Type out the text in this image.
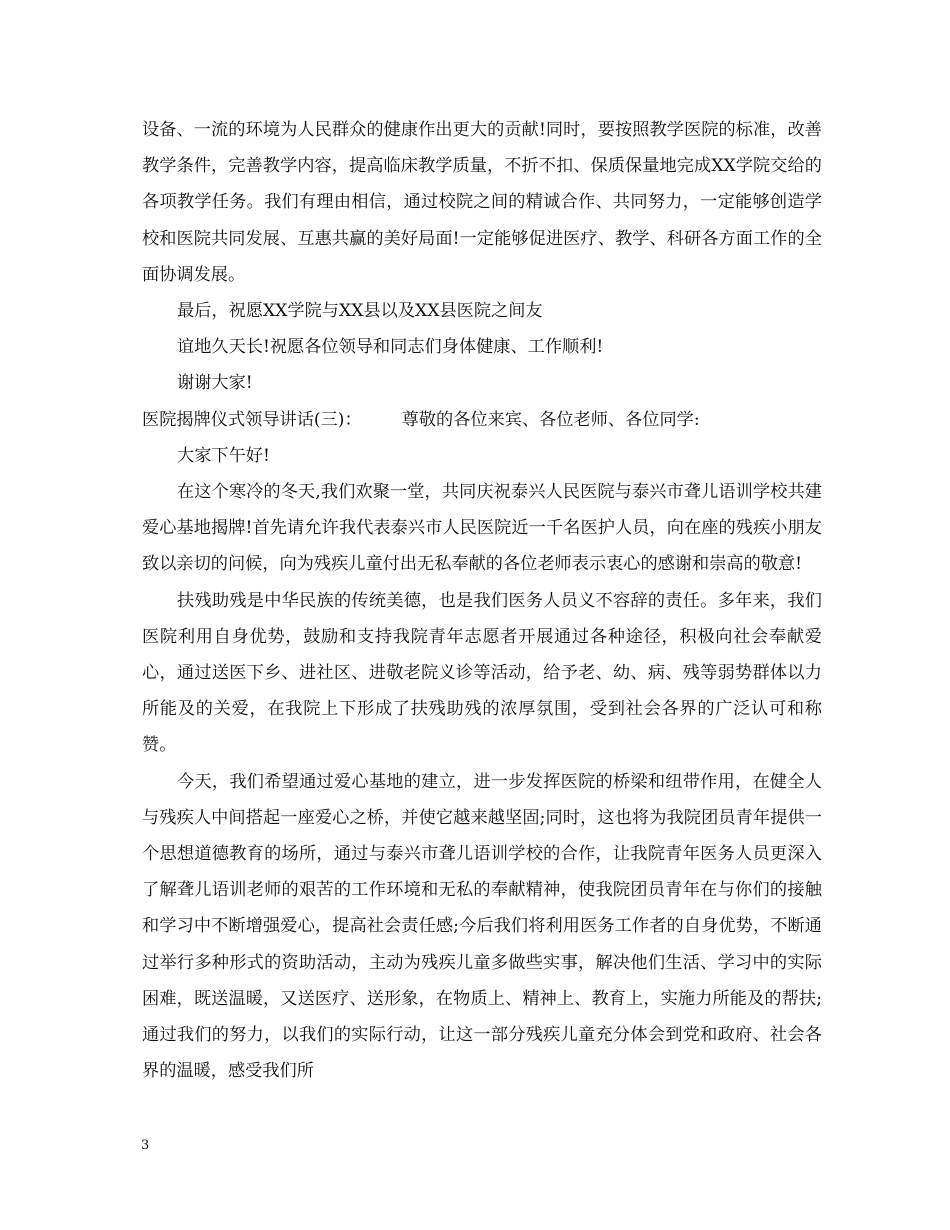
设备、一流的环境为人民群众的健康作出更大的贡献!同时，要按照教学医院的标准，改善教学条件，完善教学内容，提高临床教学质量，不折不扣、保质保量地完成XX学院交给的各项教学任务。我们有理由相信，通过校院之间的精诚合作、共同努力，一定能够创造学校和医院共同发展、互惠共赢的美好局面!一定能够促进医疗、教学、科研各方面工作的全面协调发展。

最后，祝愿XX学院与XX县以及XX县医院之间友

谊地久天长!祝愿各位领导和同志们身体健康、工作顺利!

谢谢大家!

医院揭牌仪式领导讲话(三)： 尊敬的各位来宾、各位老师、各位同学:

大家下午好!

在这个寒冷的冬天,我们欢聚一堂，共同庆祝泰兴人民医院与泰兴市聋儿语训学校共建爱心基地揭牌!首先请允许我代表泰兴市人民医院近一千名医护人员，向在座的残疾小朋友致以亲切的问候，向为残疾儿童付出无私奉献的各位老师表示衷心的感谢和崇高的敬意!

扶残助残是中华民族的传统美德，也是我们医务人员义不容辞的责任。多年来，我们医院利用自身优势，鼓励和支持我院青年志愿者开展通过各种途径，积极向社会奉献爱心，通过送医下乡、进社区、进敬老院义诊等活动，给予老、幼、病、残等弱势群体以力所能及的关爱，在我院上下形成了扶残助残的浓厚氛围，受到社会各界的广泛认可和称赞。

今天，我们希望通过爱心基地的建立，进一步发挥医院的桥梁和纽带作用，在健全人与残疾人中间搭起一座爱心之桥，并使它越来越坚固;同时，这也将为我院团员青年提供一个思想道德教育的场所，通过与泰兴市聋儿语训学校的合作，让我院青年医务人员更深入了解聋儿语训老师的艰苦的工作环境和无私的奉献精神，使我院团员青年在与你们的接触和学习中不断增强爱心，提高社会责任感;今后我们将利用医务工作者的自身优势，不断通过举行多种形式的资助活动，主动为残疾儿童多做些实事，解决他们生活、学习中的实际困难，既送温暖，又送医疗、送形象，在物质上、精神上、教育上，实施力所能及的帮扶;通过我们的努力，以我们的实际行动，让这一部分残疾儿童充分体会到党和政府、社会各界的温暖，感受我们所

3
